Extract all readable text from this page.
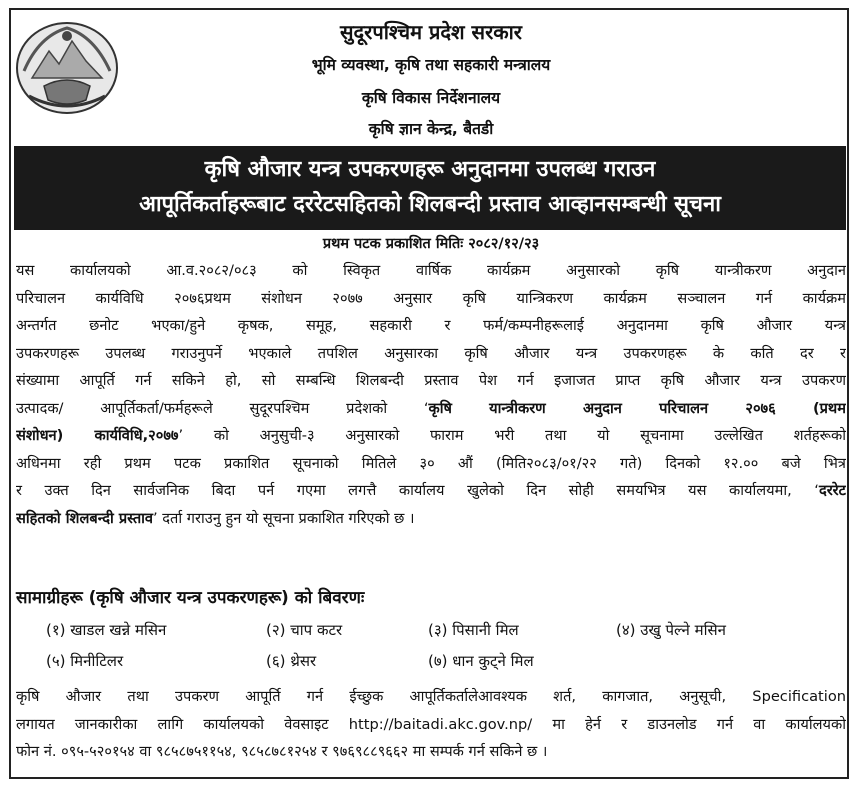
सुदूरपश्चिम प्रदेश सरकार
भूमि व्यवस्था, कृषि तथा सहकारी मन्त्रालय
कृषि विकास निर्देशनालय
कृषि ज्ञान केन्द्र, बैतडी
कृषि औजार यन्त्र उपकरणहरू अनुदानमा उपलब्ध गराउन
आपूर्तिकर्ताहरूबाट दररेटसहितको शिलबन्दी प्रस्ताव आव्हानसम्बन्धी सूचना
प्रथम पटक प्रकाशित मितिः २०८२/१२/२३
यस कार्यालयको आ.व.२०८२/०८३ को स्विकृत वार्षिक कार्यक्रम अनुसारको कृषि यान्त्रीकरण अनुदान
परिचालन कार्यविधि २०७६प्रथम संशोधन २०७७ अनुसार कृषि यान्त्रिकरण कार्यक्रम सञ्चालन गर्न कार्यक्रम
अन्तर्गत छनोट भएका/हुने कृषक, समूह, सहकारी र फर्म/कम्पनीहरूलाई अनुदानमा कृषि औजार यन्त्र
उपकरणहरू उपलब्ध गराउनुपर्ने भएकाले तपशिल अनुसारका कृषि औजार यन्त्र उपकरणहरू के कति दर र
संख्यामा आपूर्ति गर्न सकिने हो, सो सम्बन्धि शिलबन्दी प्रस्ताव पेश गर्न इजाजत प्राप्त कृषि औजार यन्त्र उपकरण
उत्पादक/ आपूर्तिकर्ता/फर्महरूले सुदूरपश्चिम प्रदेशको ‘कृषि यान्त्रीकरण अनुदान परिचालन २०७६ (प्रथम
संशोधन) कार्यविधि,२०७७’ को अनुसुची-३ अनुसारको फाराम भरी तथा यो सूचनामा उल्लेखित शर्तहरूको
अधिनमा रही प्रथम पटक प्रकाशित सूचनाको मितिले ३० औं (मिति२०८३/०१/२२ गते) दिनको १२.०० बजे भित्र
र उक्त दिन सार्वजनिक बिदा पर्न गएमा लगत्तै कार्यालय खुलेको दिन सोही समयभित्र यस कार्यालयमा, ‘दररेट
सहितको शिलबन्दी प्रस्ताव’ दर्ता गराउनु हुन यो सूचना प्रकाशित गरिएको छ ।
सामाग्रीहरू (कृषि औजार यन्त्र उपकरणहरू) को बिवरणः
(१) खाडल खन्ने मसिन	(२) चाप कटर	(३) पिसानी मिल	(४) उखु पेल्ने मसिन
(५) मिनीटिलर	(६) थ्रेसर	(७) धान कुट्ने मिल
कृषि औजार तथा उपकरण आपूर्ति गर्न ईच्छुक आपूर्तिकर्तालेआवश्यक शर्त, कागजात, अनुसूची, Specification
लगायत जानकारीका लागि कार्यालयको वेवसाइट http://baitadi.akc.gov.np/ मा हेर्न र डाउनलोड गर्न वा कार्यालयको
फोन नं. ०९५-५२०१५४ वा ९८५८७५११५४, ९८५८७८१२५४ र ९७६९८८९६६२ मा सम्पर्क गर्न सकिने छ ।
